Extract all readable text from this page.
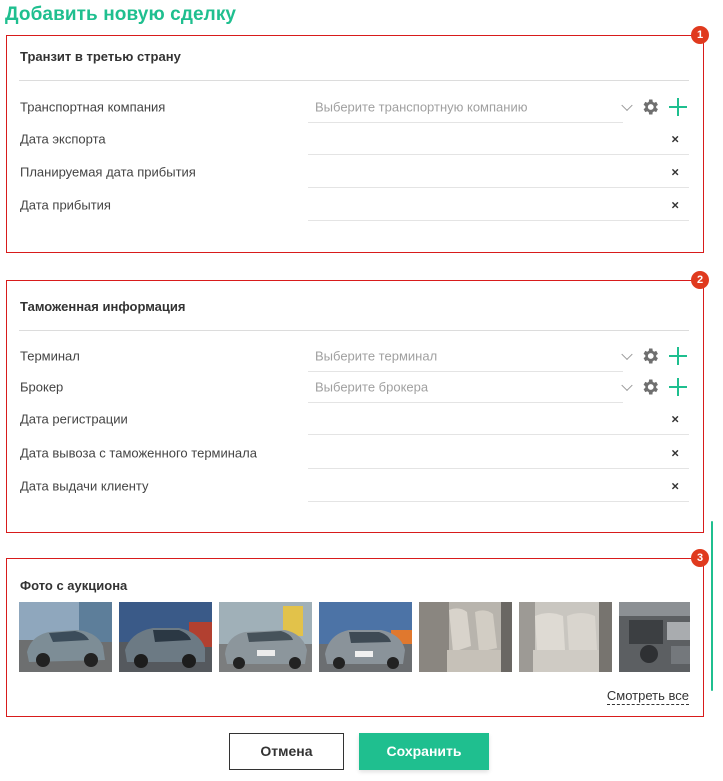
Добавить новую сделку
1
Транзит в третью страну
Транспортная компания	Выберите транспортную компанию
Дата экспорта	×
Планируемая дата прибытия	×
Дата прибытия	×
2
Таможенная информация
Терминал	Выберите терминал
Брокер	Выберите брокера
Дата регистрации	×
Дата вывоза с таможенного терминала	×
Дата выдачи клиенту	×
3
Фото с аукциона
Смотреть все
Отмена	Сохранить
